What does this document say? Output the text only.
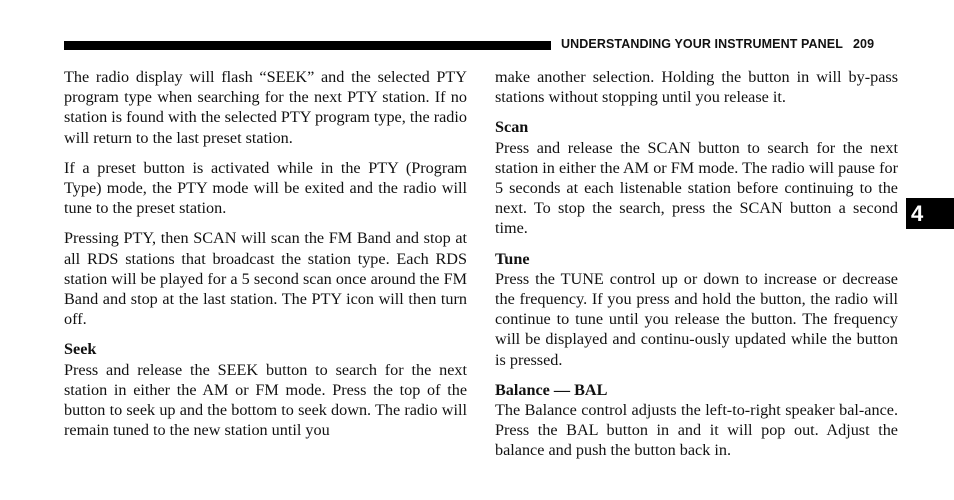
UNDERSTANDING YOUR INSTRUMENT PANEL 209

The radio display will flash “SEEK” and the selected PTY program type when searching for the next PTY station. If no station is found with the selected PTY program type, the radio will return to the last preset station.

If a preset button is activated while in the PTY (Program Type) mode, the PTY mode will be exited and the radio will tune to the preset station.

Pressing PTY, then SCAN will scan the FM Band and stop at all RDS stations that broadcast the station type. Each RDS station will be played for a 5 second scan once around the FM Band and stop at the last station. The PTY icon will then turn off.

Seek

Press and release the SEEK button to search for the next station in either the AM or FM mode. Press the top of the button to seek up and the bottom to seek down. The radio will remain tuned to the new station until you

make another selection. Holding the button in will by-pass stations without stopping until you release it.

Scan

Press and release the SCAN button to search for the next station in either the AM or FM mode. The radio will pause for 5 seconds at each listenable station before continuing to the next. To stop the search, press the SCAN button a second time.

Tune

Press the TUNE control up or down to increase or decrease the frequency. If you press and hold the button, the radio will continue to tune until you release the button. The frequency will be displayed and continu-ously updated while the button is pressed.

Balance — BAL

The Balance control adjusts the left-to-right speaker bal-ance. Press the BAL button in and it will pop out. Adjust the balance and push the button back in.

4
